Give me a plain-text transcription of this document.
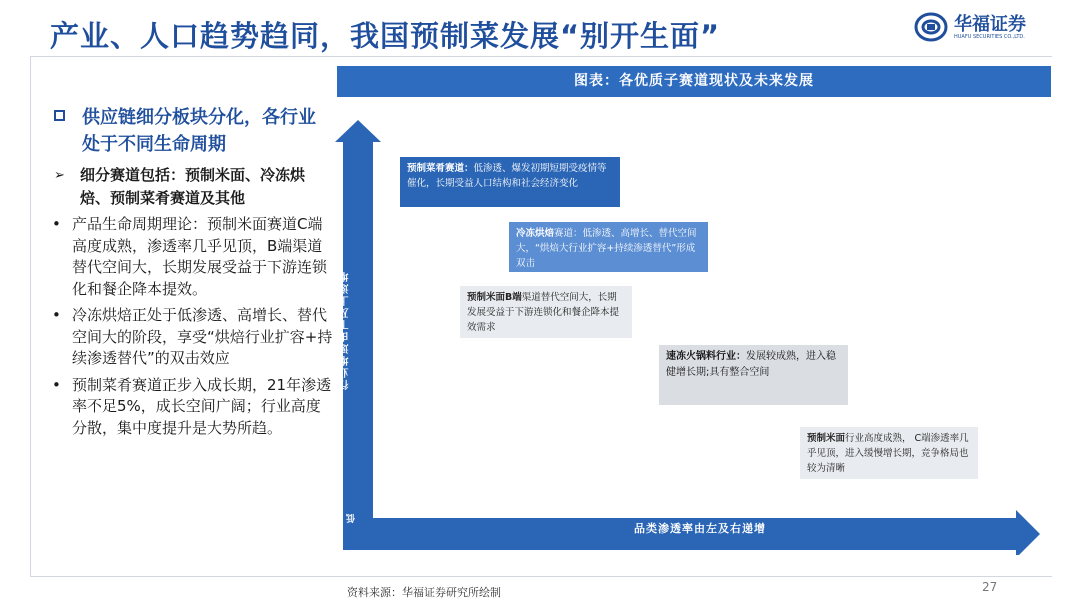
产业、人口趋势趋同，我国预制菜发展“别开生面”	华福证券
HUAFU SECURITIES CO.,LTD.
供应链细分板块分化，各行业处于不同生命周期
➢ 细分赛道包括：预制米面、冷冻烘焙、预制菜肴赛道及其他
• 产品生命周期理论：预制米面赛道C端高度成熟，渗透率几乎见顶，B端渠道替代空间大，长期发展受益于下游连锁化和餐企降本提效。
• 冷冻烘焙正处于低渗透、高增长、替代空间大的阶段，享受“烘焙行业扩容+持续渗透替代”的双击效应
• 预制菜肴赛道正步入成长期，21年渗透率不足5%，成长空间广阔；行业高度分散，集中度提升是大势所趋。
图表：各优质子赛道现状及未来发展
行业增速由下及上递增
低
品类渗透率由左及右递增
预制菜肴赛道：低渗透、爆发初期短期受疫情等催化，长期受益人口结构和社会经济变化
冷冻烘焙赛道：低渗透、高增长、替代空间大，“烘焙大行业扩容+持续渗透替代”形成双击
预制米面B端渠道替代空间大，长期发展受益于下游连锁化和餐企降本提效需求
速冻火锅料行业：发展较成熟，进入稳健增长期;具有整合空间
预制米面行业高度成熟， C端渗透率几乎见顶，进入缓慢增长期，竞争格局也较为清晰
资料来源：华福证券研究所绘制	27
